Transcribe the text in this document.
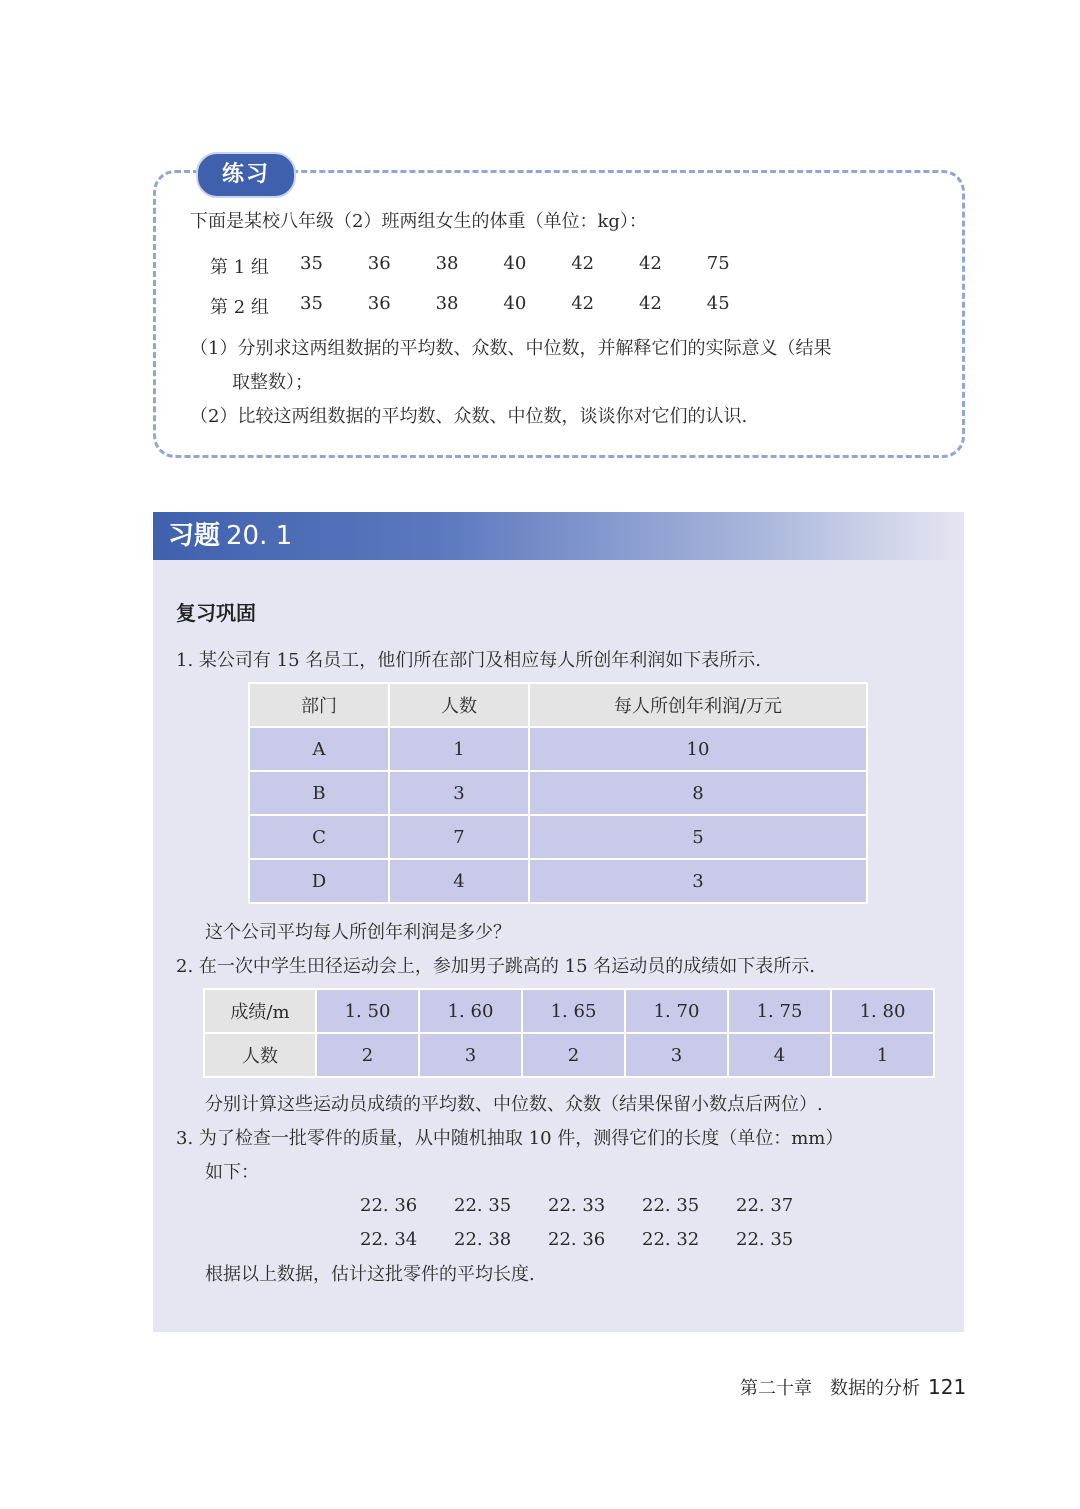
练习
下面是某校八年级（2）班两组女生的体重（单位：kg）：
第 1 组	35	36	38	40	42	42	75
第 2 组	35	36	38	40	42	42	45
（1）分别求这两组数据的平均数、众数、中位数，并解释它们的实际意义（结果
取整数）；
（2）比较这两组数据的平均数、众数、中位数，谈谈你对它们的认识.
习题 20. 1
复习巩固
1. 某公司有 15 名员工，他们所在部门及相应每人所创年利润如下表所示.
部门	人数	每人所创年利润/万元
A	1	10
B	3	8
C	7	5
D	4	3
这个公司平均每人所创年利润是多少？
2. 在一次中学生田径运动会上，参加男子跳高的 15 名运动员的成绩如下表所示.
成绩/m	1. 50	1. 60	1. 65	1. 70	1. 75	1. 80
人数	2	3	2	3	4	1
分别计算这些运动员成绩的平均数、中位数、众数（结果保留小数点后两位）.
3. 为了检查一批零件的质量，从中随机抽取 10 件，测得它们的长度（单位：mm）
如下：
22. 36	22. 35	22. 33	22. 35	22. 37
22. 34	22. 38	22. 36	22. 32	22. 35
根据以上数据，估计这批零件的平均长度.
第二十章　数据的分析 121
